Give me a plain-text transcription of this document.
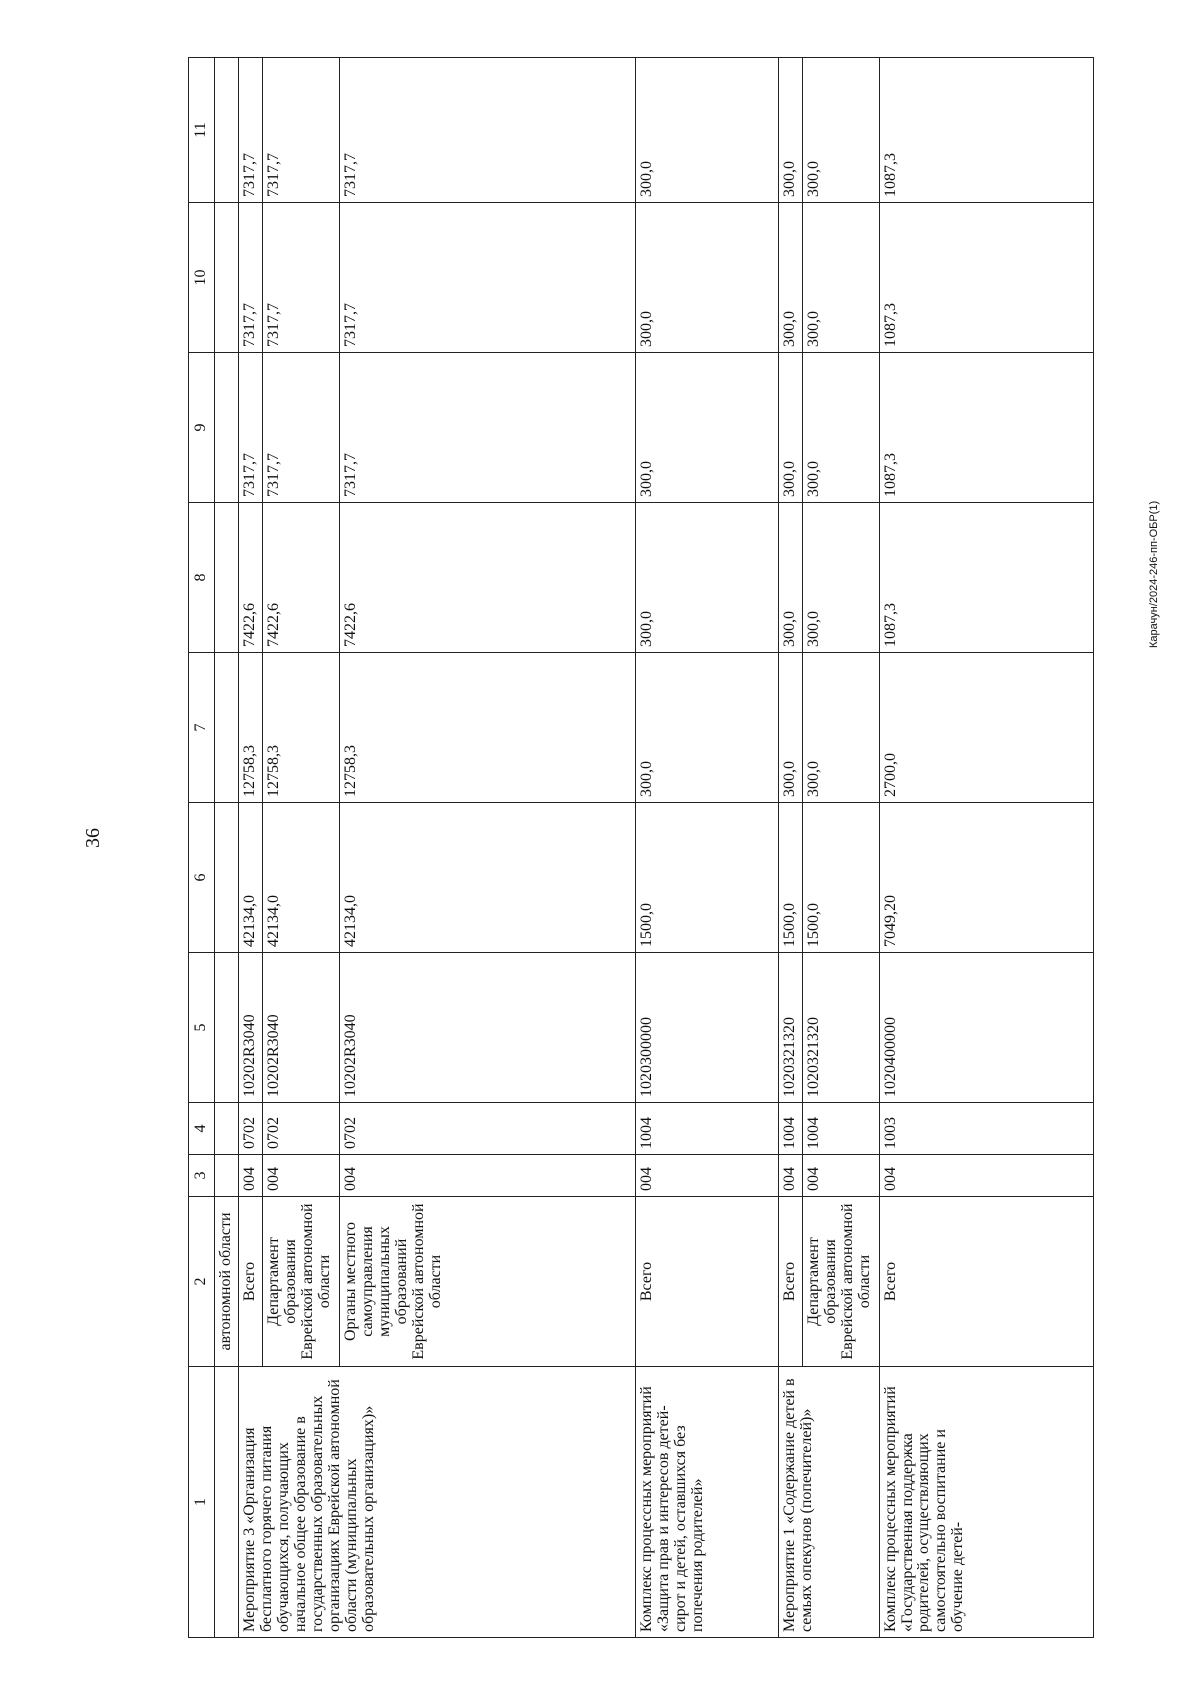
36
Карачун/2024-246-пп-ОБР(1)
1	2	3	4	5	6	7	8	9	10	11
	автономной области									
Мероприятие 3 «Организация бесплатного горячего питания обучающихся, получающих начальное общее образование в государственных образовательных организациях Еврейской автономной области (муниципальных образовательных организациях)»	Всего	004	0702	10202R3040	42134,0	12758,3	7422,6	7317,7	7317,7	7317,7
	Департамент образования Еврейской автономной области	004	0702	10202R3040	42134,0	12758,3	7422,6	7317,7	7317,7	7317,7
	Органы местного самоуправления муниципальных образований Еврейской автономной области	004	0702	10202R3040	42134,0	12758,3	7422,6	7317,7	7317,7	7317,7
Комплекс процессных мероприятий «Защита прав и интересов детей-сирот и детей, оставшихся без попечения родителей»	Всего	004	1004	1020300000	1500,0	300,0	300,0	300,0	300,0	300,0
Мероприятие 1 «Содержание детей в семьях опекунов (попечителей)»	Всего	004	1004	1020321320	1500,0	300,0	300,0	300,0	300,0	300,0
	Департамент образования Еврейской автономной области	004	1004	1020321320	1500,0	300,0	300,0	300,0	300,0	300,0
Комплекс процессных мероприятий «Государственная поддержка родителей, осуществляющих самостоятельно воспитание и обучение детей-	Всего	004	1003	1020400000	7049,20	2700,0	1087,3	1087,3	1087,3	1087,3
